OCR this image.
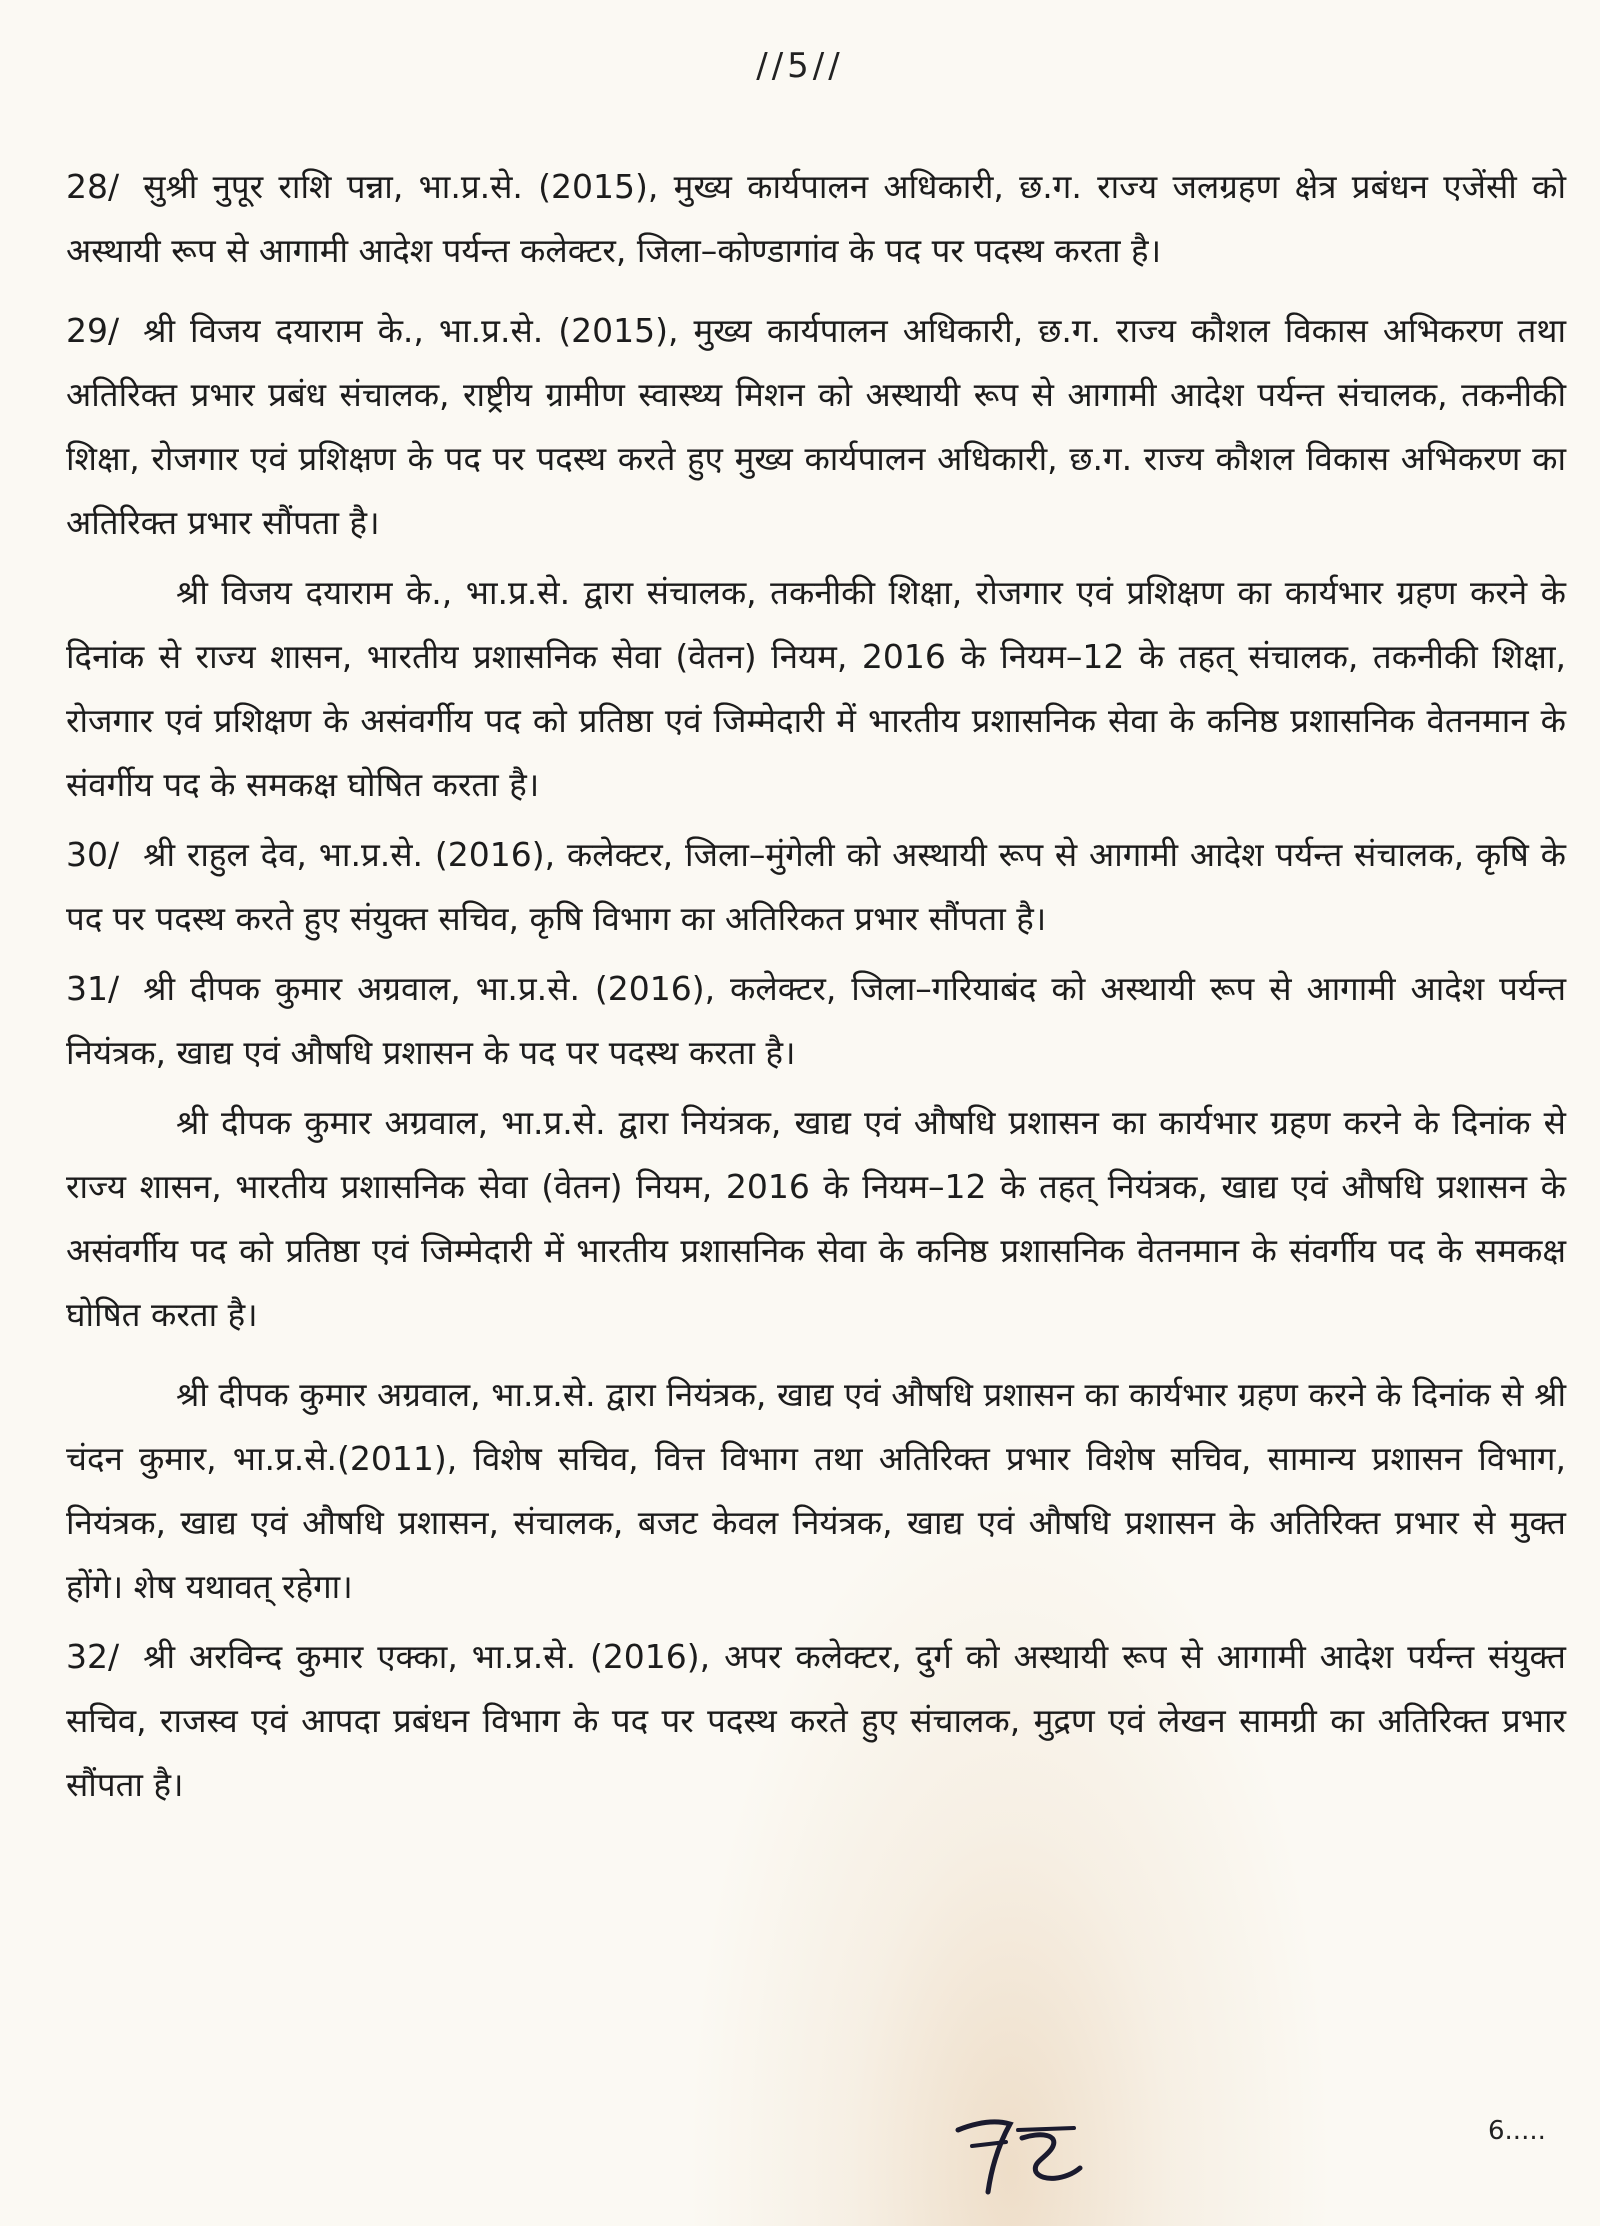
//5//

28/ सुश्री नुपूर राशि पन्ना, भा.प्र.से. (2015), मुख्य कार्यपालन अधिकारी, छ.ग. राज्य जलग्रहण क्षेत्र प्रबंधन एजेंसी को अस्थायी रूप से आगामी आदेश पर्यन्त कलेक्टर, जिला–कोण्डागांव के पद पर पदस्थ करता है।

29/ श्री विजय दयाराम के., भा.प्र.से. (2015), मुख्य कार्यपालन अधिकारी, छ.ग. राज्य कौशल विकास अभिकरण तथा अतिरिक्त प्रभार प्रबंध संचालक, राष्ट्रीय ग्रामीण स्वास्थ्य मिशन को अस्थायी रूप से आगामी आदेश पर्यन्त संचालक, तकनीकी शिक्षा, रोजगार एवं प्रशिक्षण के पद पर पदस्थ करते हुए मुख्य कार्यपालन अधिकारी, छ.ग. राज्य कौशल विकास अभिकरण का अतिरिक्त प्रभार सौंपता है।

श्री विजय दयाराम के., भा.प्र.से. द्वारा संचालक, तकनीकी शिक्षा, रोजगार एवं प्रशिक्षण का कार्यभार ग्रहण करने के दिनांक से राज्य शासन, भारतीय प्रशासनिक सेवा (वेतन) नियम, 2016 के नियम–12 के तहत् संचालक, तकनीकी शिक्षा, रोजगार एवं प्रशिक्षण के असंवर्गीय पद को प्रतिष्ठा एवं जिम्मेदारी में भारतीय प्रशासनिक सेवा के कनिष्ठ प्रशासनिक वेतनमान के संवर्गीय पद के समकक्ष घोषित करता है।

30/ श्री राहुल देव, भा.प्र.से. (2016), कलेक्टर, जिला–मुंगेली को अस्थायी रूप से आगामी आदेश पर्यन्त संचालक, कृषि के पद पर पदस्थ करते हुए संयुक्त सचिव, कृषि विभाग का अतिरिकत प्रभार सौंपता है।

31/ श्री दीपक कुमार अग्रवाल, भा.प्र.से. (2016), कलेक्टर, जिला–गरियाबंद को अस्थायी रूप से आगामी आदेश पर्यन्त नियंत्रक, खाद्य एवं औषधि प्रशासन के पद पर पदस्थ करता है।

श्री दीपक कुमार अग्रवाल, भा.प्र.से. द्वारा नियंत्रक, खाद्य एवं औषधि प्रशासन का कार्यभार ग्रहण करने के दिनांक से राज्य शासन, भारतीय प्रशासनिक सेवा (वेतन) नियम, 2016 के नियम–12 के तहत् नियंत्रक, खाद्य एवं औषधि प्रशासन के असंवर्गीय पद को प्रतिष्ठा एवं जिम्मेदारी में भारतीय प्रशासनिक सेवा के कनिष्ठ प्रशासनिक वेतनमान के संवर्गीय पद के समकक्ष घोषित करता है।

श्री दीपक कुमार अग्रवाल, भा.प्र.से. द्वारा नियंत्रक, खाद्य एवं औषधि प्रशासन का कार्यभार ग्रहण करने के दिनांक से श्री चंदन कुमार, भा.प्र.से.(2011), विशेष सचिव, वित्त विभाग तथा अतिरिक्त प्रभार विशेष सचिव, सामान्य प्रशासन विभाग, नियंत्रक, खाद्य एवं औषधि प्रशासन, संचालक, बजट केवल नियंत्रक, खाद्य एवं औषधि प्रशासन के अतिरिक्त प्रभार से मुक्त होंगे। शेष यथावत् रहेगा।

32/ श्री अरविन्द कुमार एक्का, भा.प्र.से. (2016), अपर कलेक्टर, दुर्ग को अस्थायी रूप से आगामी आदेश पर्यन्त संयुक्त सचिव, राजस्व एवं आपदा प्रबंधन विभाग के पद पर पदस्थ करते हुए संचालक, मुद्रण एवं लेखन सामग्री का अतिरिक्त प्रभार सौंपता है।

6.....
